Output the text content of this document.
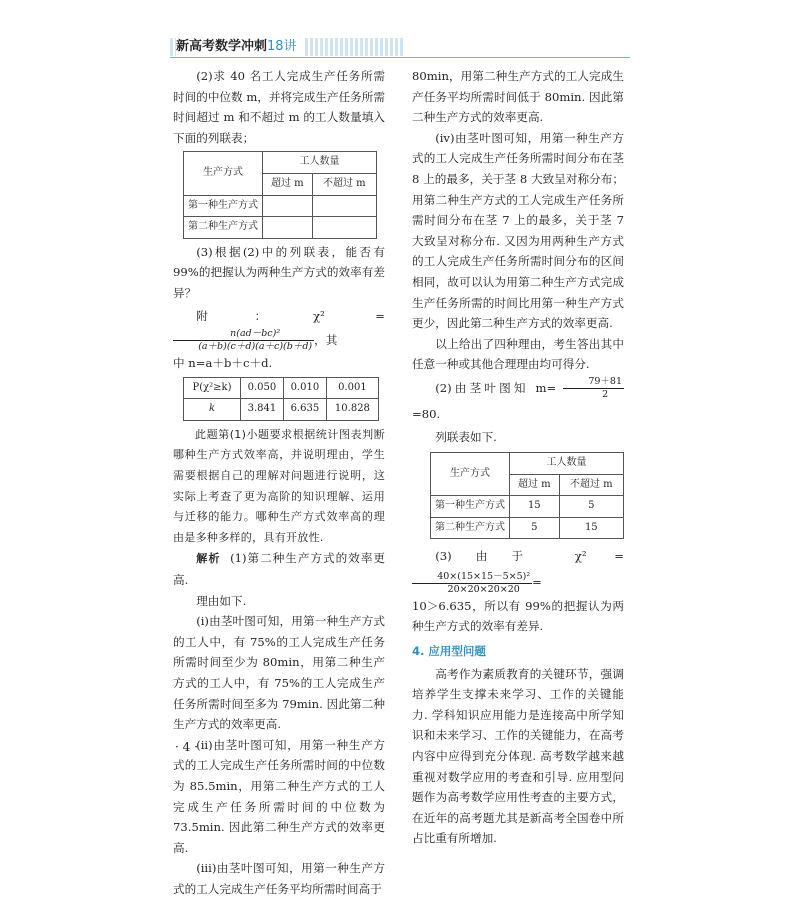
新高考数学冲刺18讲

(2)求 40 名工人完成生产任务所需时间的中位数 m，并将完成生产任务所需时间超过 m 和不超过 m 的工人数量填入下面的列联表；

生产方式	工人数量	
	超过 m	不超过 m
第一种生产方式		
第二种生产方式		

(3)根据(2)中的列联表，能否有 99%的把握认为两种生产方式的效率有差异？

附：χ² =
$\frac{\text{n(ad－bc)²}}{(a+b)(c+d)(a+c)(b+d)}$ ，其

中 n=a＋b＋c＋d.

P(χ²≥k)	0.050	0.010	0.001
k	3.841	6.635	10.828

此题第(1)小题要求根据统计图表判断哪种生产方式效率高，并说明理由，学生需要根据自己的理解对问题进行说明，这实际上考查了更为高阶的知识理解、运用与迁移的能力。哪种生产方式效率高的理由是多种多样的，具有开放性.

解析 (1)第二种生产方式的效率更高.

理由如下.

(i)由茎叶图可知，用第一种生产方式的工人中，有 75%的工人完成生产任务所需时间至少为 80min，用第二种生产方式的工人中，有 75%的工人完成生产任务所需时间至多为 79min. 因此第二种生产方式的效率更高.

(ii)由茎叶图可知，用第一种生产方式的工人完成生产任务所需时间的中位数为 85.5min，用第二种生产方式的工人完成生产任务所需时间的中位数为 73.5min. 因此第二种生产方式的效率更高.

(iii)由茎叶图可知，用第一种生产方式的工人完成生产任务平均所需时间高于

80min，用第二种生产方式的工人完成生产任务平均所需时间低于 80min. 因此第二种生产方式的效率更高.

(iv)由茎叶图可知，用第一种生产方式的工人完成生产任务所需时间分布在茎 8 上的最多，关于茎 8 大致呈对称分布；用第二种生产方式的工人完成生产任务所需时间分布在茎 7 上的最多，关于茎 7 大致呈对称分布. 又因为用两种生产方式的工人完成生产任务所需时间分布的区间相同，故可以认为用第二种生产方式完成生产任务所需的时间比用第一种生产方式更少，因此第二种生产方式的效率更高.

以上给出了四种理由，考生答出其中任意一种或其他合理理由均可得分.

(2)由茎叶图知 $m= \frac{79+81}{2}$
=80.

列联表如下.

生产方式	工人数量	
	超过 m	不超过 m
第一种生产方式	15	5
第二种生产方式	5	15

(3)由于 χ² =
$\frac{\text{40×(15×15－5×5)²}}{20\times 20\times 20\times 20}$ =

10＞6.635，所以有 99%的把握认为两种生产方式的效率有差异.

4. 应用型问题

高考作为素质教育的关键环节，强调培养学生支撑未来学习、工作的关键能力. 学科知识应用能力是连接高中所学知识和未来学习、工作的关键能力，在高考内容中应得到充分体现. 高考数学越来越重视对数学应用的考查和引导. 应用型问题作为高考数学应用性考查的主要方式，在近年的高考题尤其是新高考全国卷中所占比重有所增加.

· 4 ·
